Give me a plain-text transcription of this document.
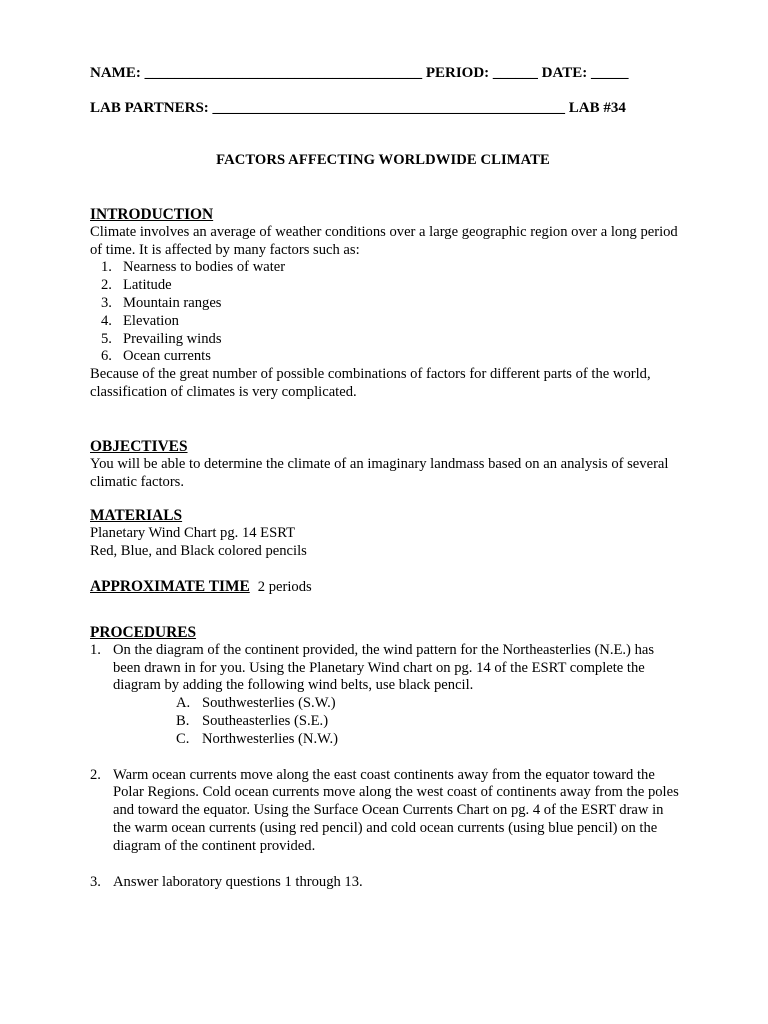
NAME: _____________________________________ PERIOD: ______ DATE: _____
LAB PARTNERS: _______________________________________________ LAB #34
FACTORS AFFECTING WORLDWIDE CLIMATE
INTRODUCTION

Climate involves an average of weather conditions over a large geographic region over a long period of time. It is affected by many factors such as:

1. Nearness to bodies of water
2. Latitude
3. Mountain ranges
4. Elevation
5. Prevailing winds
6. Ocean currents

Because of the great number of possible combinations of factors for different parts of the world, classification of climates is very complicated.

OBJECTIVES

You will be able to determine the climate of an imaginary landmass based on an analysis of several climatic factors.

MATERIALS

Planetary Wind Chart pg. 14 ESRT

Red, Blue, and Black colored pencils

APPROXIMATE TIME 2 periods
PROCEDURES
1. On the diagram of the continent provided, the wind pattern for the Northeasterlies (N.E.) has been drawn in for you. Using the Planetary Wind chart on pg. 14 of the ESRT complete the diagram by adding the following wind belts, use black pencil.
A. Southwesterlies (S.W.)
B. Southeasterlies (S.E.)
C. Northwesterlies (N.W.)
2. Warm ocean currents move along the east coast continents away from the equator toward the Polar Regions. Cold ocean currents move along the west coast of continents away from the poles and toward the equator. Using the Surface Ocean Currents Chart on pg. 4 of the ESRT draw in the warm ocean currents (using red pencil) and cold ocean currents (using blue pencil) on the diagram of the continent provided.
3. Answer laboratory questions 1 through 13.
